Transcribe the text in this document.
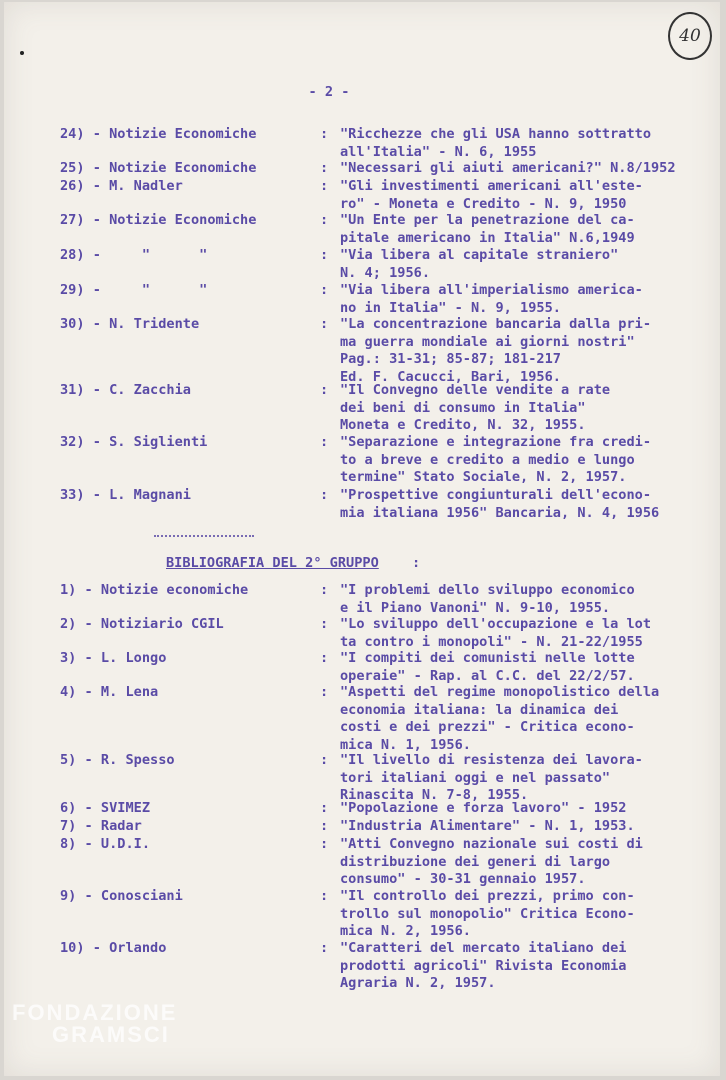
40
- 2 -
24) - Notizie Economiche	: "Ricchezze che gli USA hanno sottratto
all'Italia" - N. 6, 1955
25) - Notizie Economiche	: "Necessari gli aiuti americani?" N.8/1952
26) - M. Nadler	: "Gli investimenti americani all'este-
ro" - Moneta e Credito - N. 9, 1950
27) - Notizie Economiche	: "Un Ente per la penetrazione del ca-
pitale americano in Italia" N.6,1949
28) -     "      "	: "Via libera al capitale straniero"
N. 4; 1956.
29) -     "      "	: "Via libera all'imperialismo america-
no in Italia" - N. 9, 1955.
30) - N. Tridente	: "La concentrazione bancaria dalla pri-
ma guerra mondiale ai giorni nostri"
Pag.: 31-31; 85-87; 181-217
Ed. F. Cacucci, Bari, 1956.
31) - C. Zacchia	: "Il Convegno delle vendite a rate
dei beni di consumo in Italia"
Moneta e Credito, N. 32, 1955.
32) - S. Siglienti	: "Separazione e integrazione fra credi-
to a breve e credito a medio e lungo
termine" Stato Sociale, N. 2, 1957.
33) - L. Magnani	: "Prospettive congiunturali dell'econo-
mia italiana 1956" Bancaria, N. 4, 1956
BIBLIOGRAFIA DEL 2° GRUPPO :
1) - Notizie economiche	: "I problemi dello sviluppo economico
e il Piano Vanoni" N. 9-10, 1955.
2) - Notiziario CGIL	: "Lo sviluppo dell'occupazione e la lot
ta contro i monopoli" - N. 21-22/1955
3) - L. Longo	: "I compiti dei comunisti nelle lotte
operaie" - Rap. al C.C. del 22/2/57.
4) - M. Lena	: "Aspetti del regime monopolistico della
economia italiana: la dinamica dei
costi e dei prezzi" - Critica econo-
mica N. 1, 1956.
5) - R. Spesso	: "Il livello di resistenza dei lavora-
tori italiani oggi e nel passato"
Rinascita N. 7-8, 1955.
6) - SVIMEZ	: "Popolazione e forza lavoro" - 1952
7) - Radar	: "Industria Alimentare" - N. 1, 1953.
8) - U.D.I.	: "Atti Convegno nazionale sui costi di
distribuzione dei generi di largo
consumo" - 30-31 gennaio 1957.
9) - Conosciani	: "Il controllo dei prezzi, primo con-
trollo sul monopolio" Critica Econo-
mica N. 2, 1956.
10) - Orlando	: "Caratteri del mercato italiano dei
prodotti agricoli" Rivista Economia
Agraria N. 2, 1957.
FONDAZIONE
GRAMSCI
